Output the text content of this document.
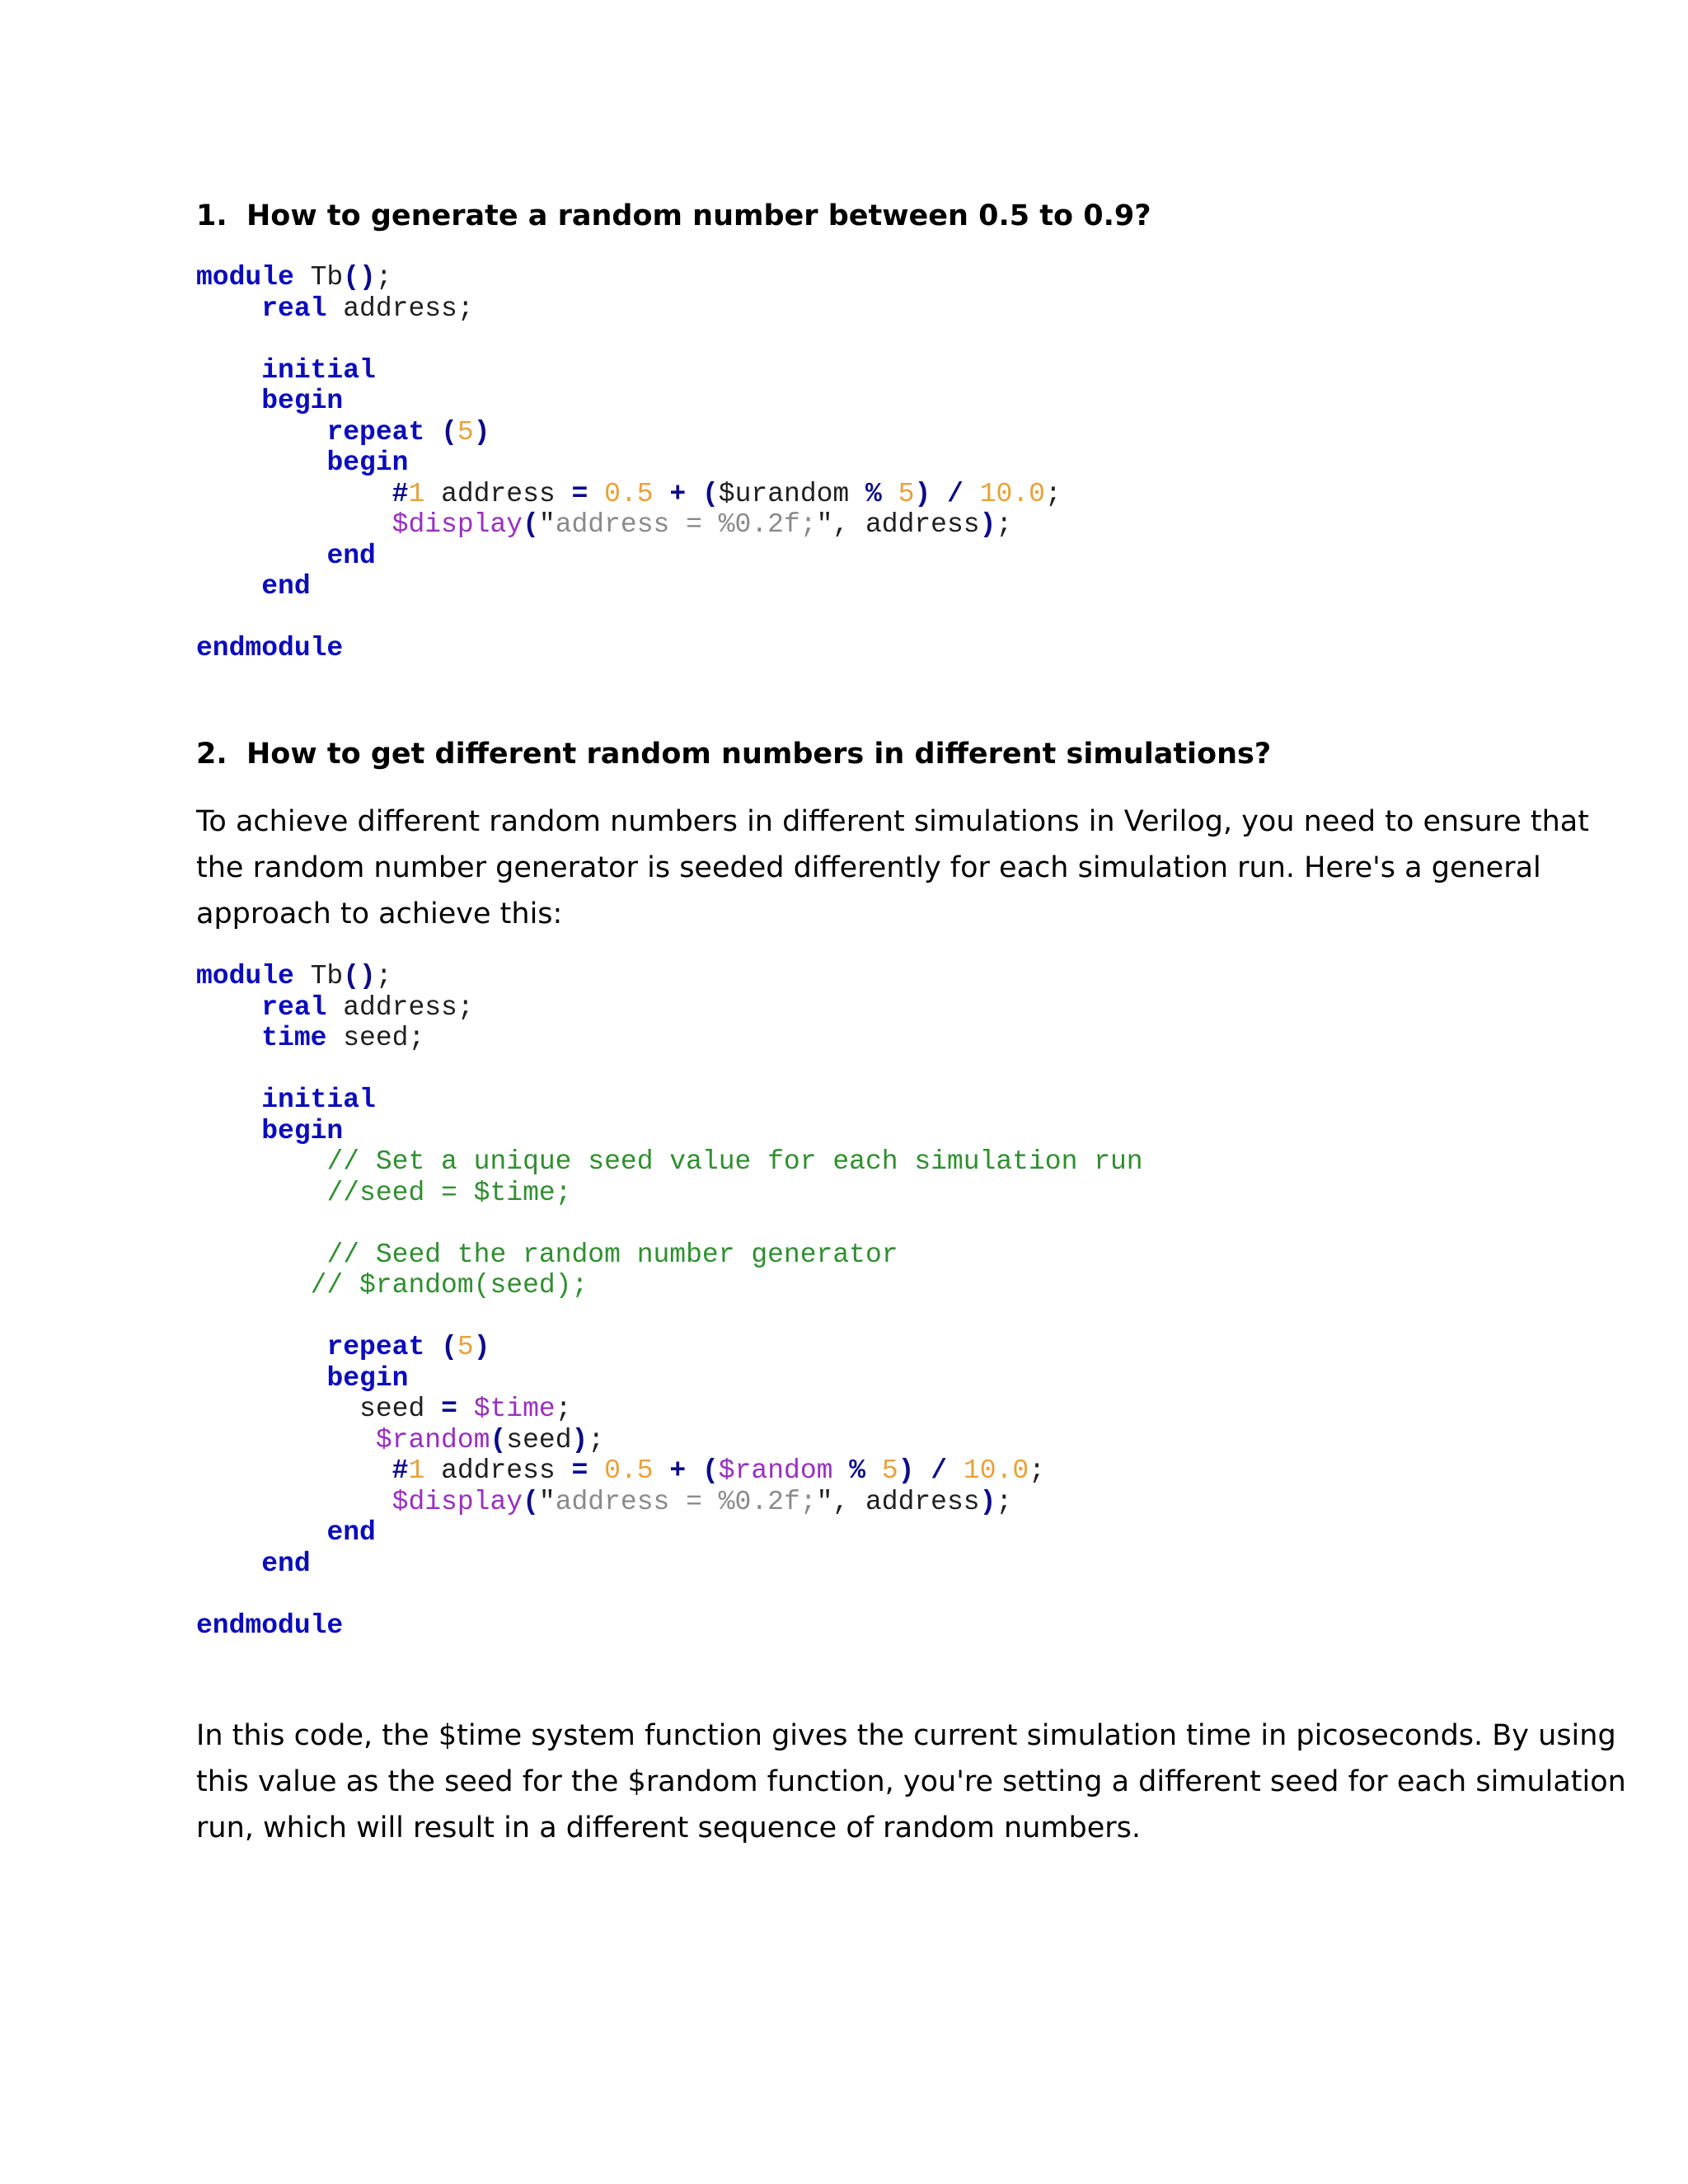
1. How to generate a random number between 0.5 to 0.9?
module Tb();
real address;
initial
begin
repeat (5)
begin
#1 address = 0.5 + ($urandom % 5) / 10.0;
$display("address = %0.2f;", address);
end
end
endmodule
2. How to get different random numbers in different simulations?
To achieve different random numbers in different simulations in Verilog, you need to ensure that
the random number generator is seeded differently for each simulation run. Here's a general
approach to achieve this:
module Tb();
real address;
time seed;
initial
begin
// Set a unique seed value for each simulation run
//seed = $time;
// Seed the random number generator
// $random(seed);
repeat (5)
begin
seed = $time;
$random(seed);
#1 address = 0.5 + ($random % 5) / 10.0;
$display("address = %0.2f;", address);
end
end
endmodule
In this code, the $time system function gives the current simulation time in picoseconds. By using
this value as the seed for the $random function, you're setting a different seed for each simulation
run, which will result in a different sequence of random numbers.
